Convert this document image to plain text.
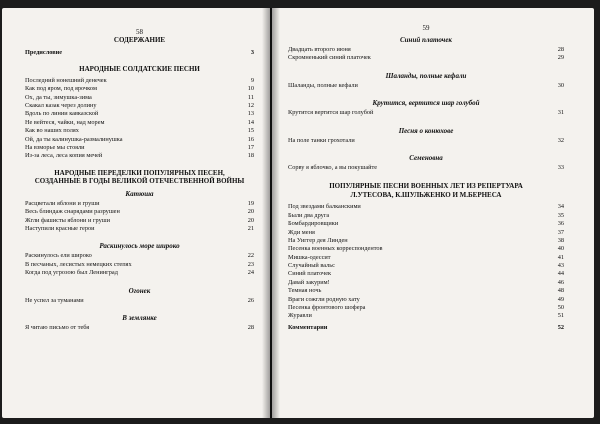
58
СОДЕРЖАНИЕ
Предисловие	3
НАРОДНЫЕ СОЛДАТСКИЕ ПЕСНИ
Последний нонешний денечек	9
Как под яром, под ярочком	10
Ох, да ты, зимушка-зима	11
Скакал казак через долину	12
Вдоль по линии кавказской	13
Не вейтеся, чайки, над морем	14
Как во наших полях	15
Ой, да ты калинушка-размалинушка	16
На взморье мы стояли	17
Из-за леса, леса копия мечей	18
НАРОДНЫЕ ПЕРЕДЕЛКИ ПОПУЛЯРНЫХ ПЕСЕН,
СОЗДАННЫЕ В ГОДЫ ВЕЛИКОЙ ОТЕЧЕСТВЕННОЙ ВОЙНЫ
Катюша
Расцветали яблони и груши	19
Весь блиндаж снарядами разрушен	20
Жгли фашисты яблони и груши	20
Наступили красные герои	21
Раскинулось море широко
Раскинулось ели широко	22
В песчаных, лесистых немецких степях	23
Когда под угрозою был Ленинград	24
Огонек
Не успел за туманами	26
В землянке
Я читаю письмо от тебя	28
59
Синий платочек
Двадцать второго июня	28
Скромненький синий платочек	29
Шаланды, полные кефали
Шаланды, полные кефали	30
Крутится, вертится шар голубой
Крутится вертится шар голубой	31
Песня о конюхове
На поле танки грохотали	32
Семеновна
Сорву я яблочко, а вы покушайте	33
ПОПУЛЯРНЫЕ ПЕСНИ ВОЕННЫХ ЛЕТ ИЗ РЕПЕРТУАРА
Л.УТЕСОВА, К.ШУЛЬЖЕНКО И М.БЕРНЕСА
Под звездами балканскими	34
Были два друга	35
Бомбардировщики	36
Жди меня	37
На Уиггер дея Линден	38
Песенка военных корреспондентов	40
Мишка-одессит	41
Случайный вальс	43
Синий платочек	44
Давай закурим!	46
Темная ночь	48
Враги сожгли родную хату	49
Песенка фронтового шофера	50
Журавли	51
Комментарии	52
